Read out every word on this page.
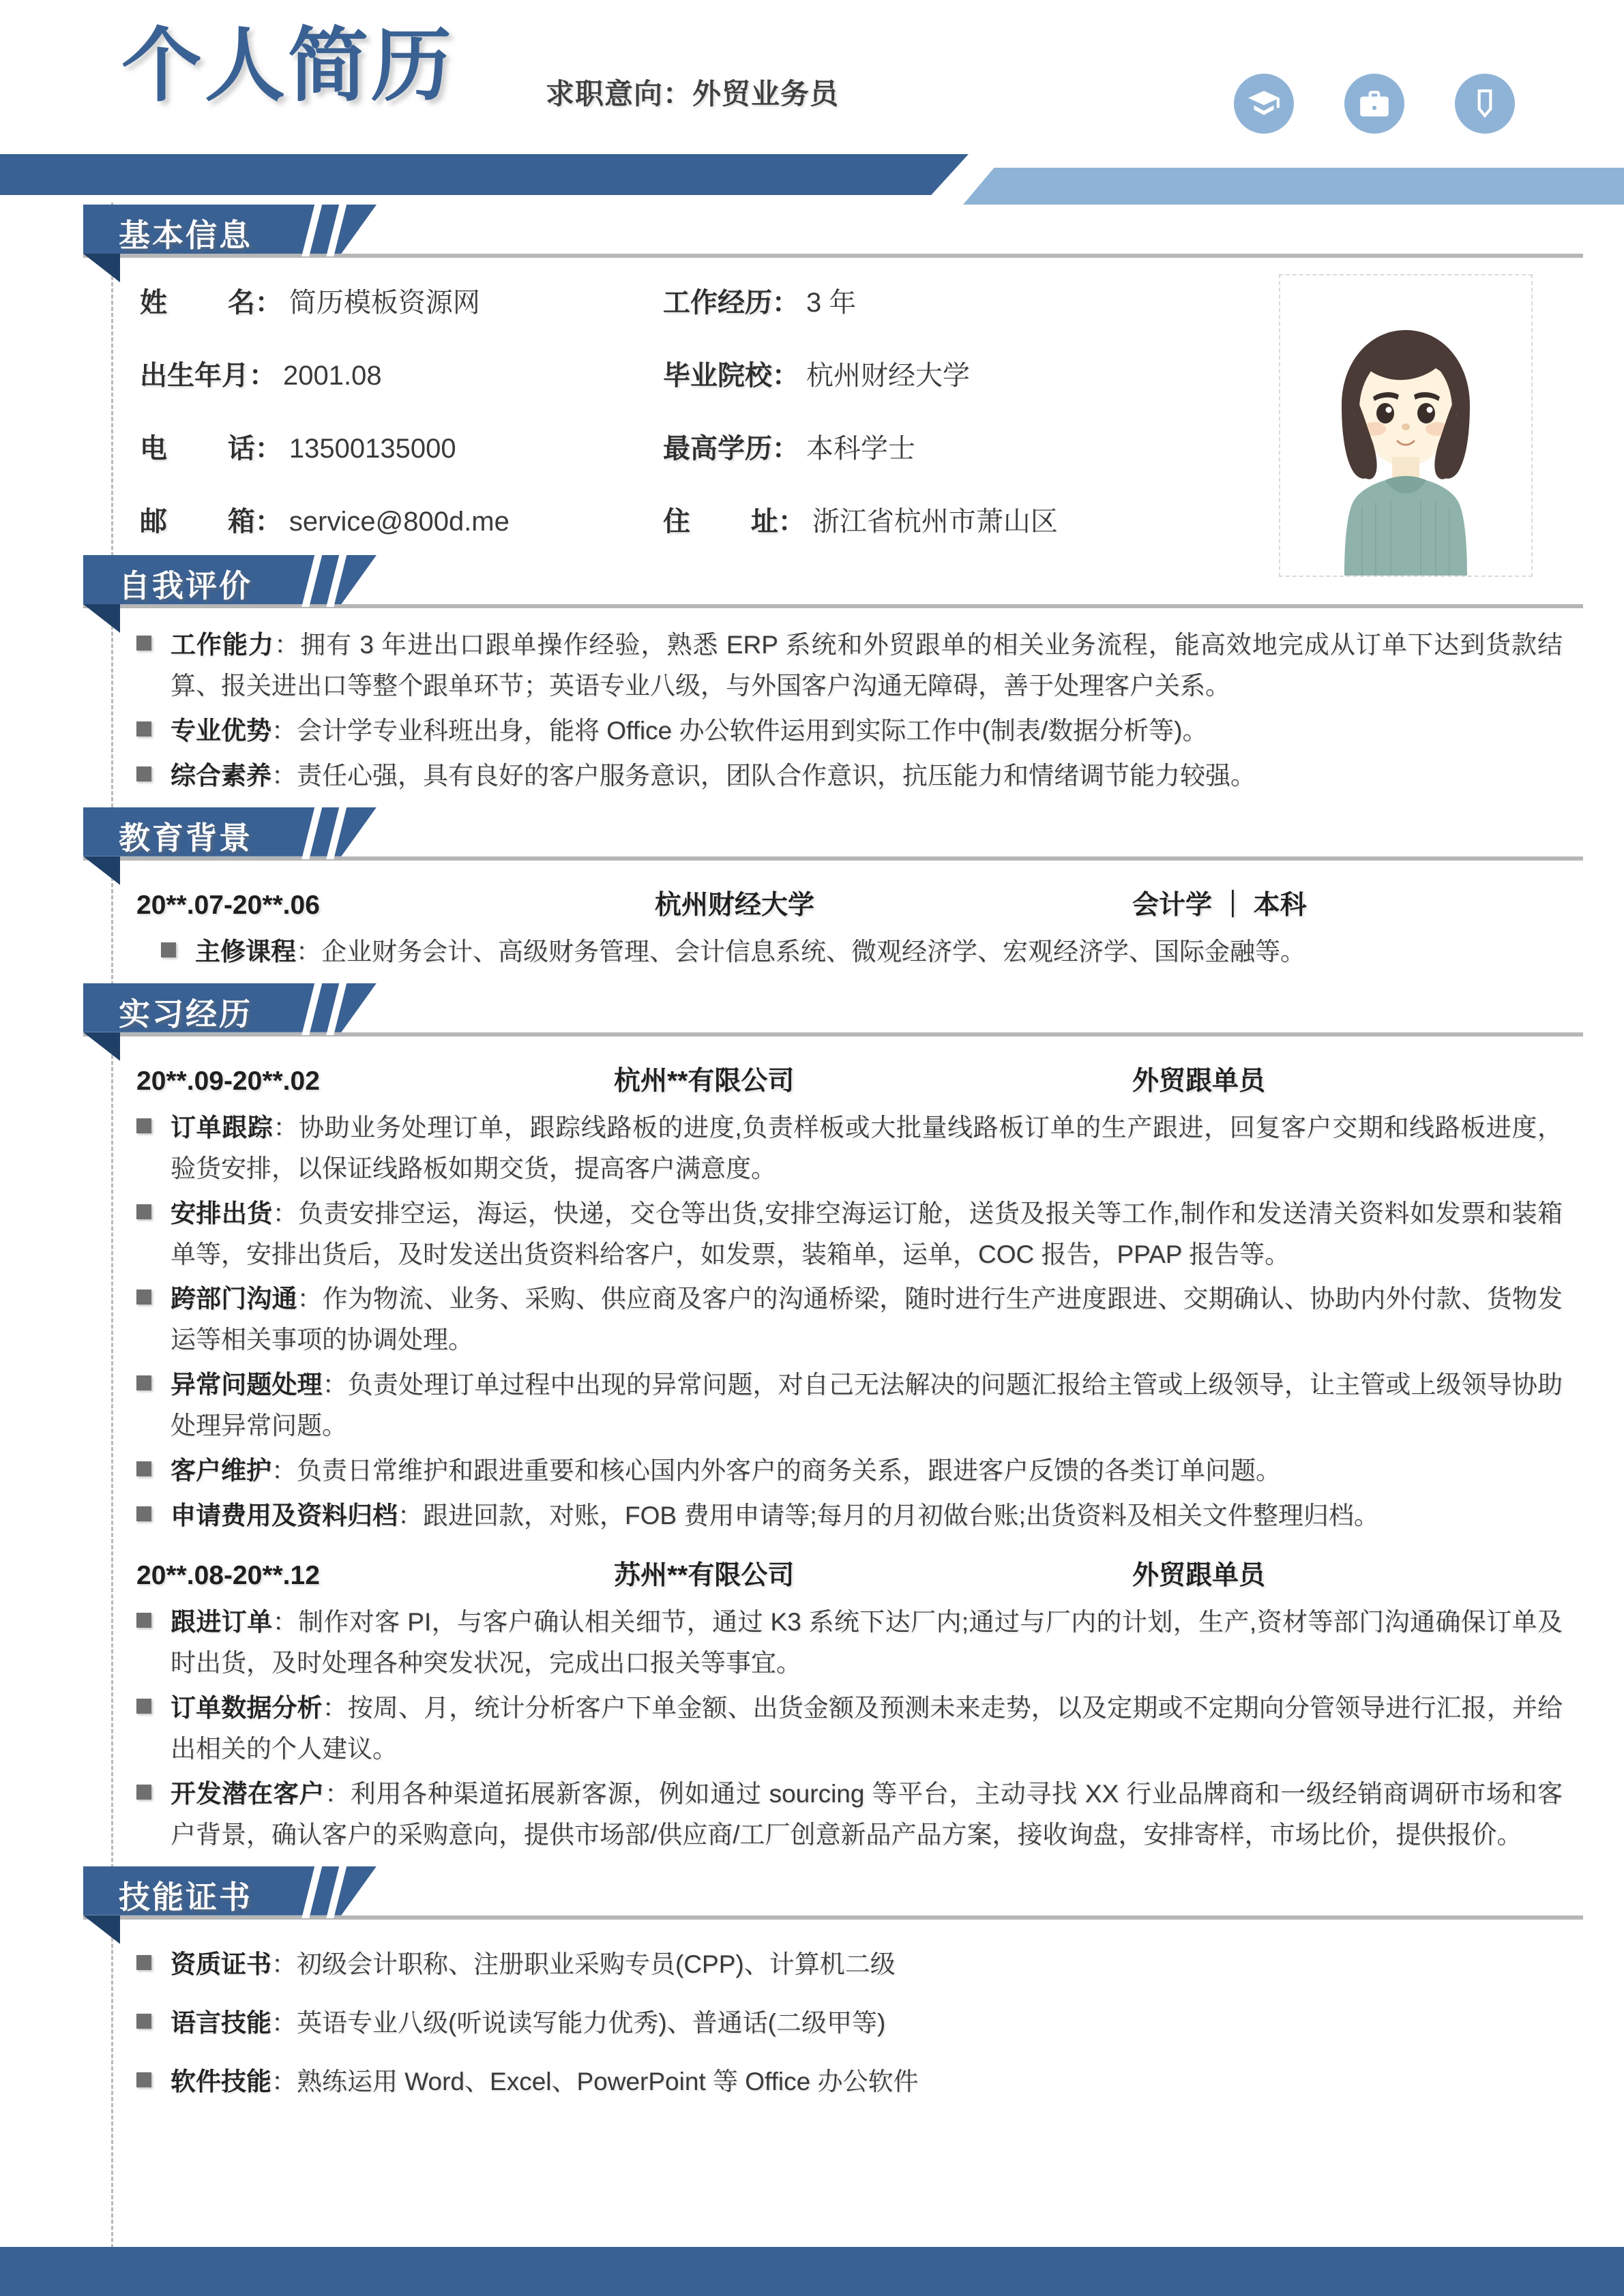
个人简历	求职意向：外贸业务员
基本信息
姓        名 ： 简历模板资源网
出生年月 ： 2001.08
电        话 ： 13500135000
邮        箱 ： service@800d.me
工作经历 ： 3 年
毕业院校 ： 杭州财经大学
最高学历 ： 本科学士
住        址 ： 浙江省杭州市萧山区
自我评价
工作能力：拥有 3 年进出口跟单操作经验，熟悉 ERP 系统和外贸跟单的相关业务流程，能高效地完成从订单下达到货款结算、报关进出口等整个跟单环节；英语专业八级，与外国客户沟通无障碍，善于处理客户关系。
专业优势：会计学专业科班出身，能将 Office 办公软件运用到实际工作中(制表/数据分析等)。
综合素养：责任心强，具有良好的客户服务意识，团队合作意识，抗压能力和情绪调节能力较强。
教育背景
20**.07-20**.06	杭州财经大学	会计学 ｜ 本科
主修课程：企业财务会计、高级财务管理、会计信息系统、微观经济学、宏观经济学、国际金融等。
实习经历
20**.09-20**.02	杭州**有限公司	外贸跟单员
订单跟踪：协助业务处理订单，跟踪线路板的进度,负责样板或大批量线路板订单的生产跟进，回复客户交期和线路板进度，验货安排，以保证线路板如期交货，提高客户满意度。
安排出货：负责安排空运，海运，快递，交仓等出货,安排空海运订舱，送货及报关等工作,制作和发送清关资料如发票和装箱单等，安排出货后，及时发送出货资料给客户，如发票，装箱单，运单，COC 报告，PPAP 报告等。
跨部门沟通：作为物流、业务、采购、供应商及客户的沟通桥梁，随时进行生产进度跟进、交期确认、协助内外付款、货物发运等相关事项的协调处理。
异常问题处理：负责处理订单过程中出现的异常问题，对自己无法解决的问题汇报给主管或上级领导，让主管或上级领导协助处理异常问题。
客户维护：负责日常维护和跟进重要和核心国内外客户的商务关系，跟进客户反馈的各类订单问题。
申请费用及资料归档：跟进回款，对账，FOB 费用申请等;每月的月初做台账;出货资料及相关文件整理归档。
20**.08-20**.12	苏州**有限公司	外贸跟单员
跟进订单：制作对客 PI，与客户确认相关细节，通过 K3 系统下达厂内;通过与厂内的计划，生产,资材等部门沟通确保订单及时出货，及时处理各种突发状况，完成出口报关等事宜。
订单数据分析：按周、月，统计分析客户下单金额、出货金额及预测未来走势，以及定期或不定期向分管领导进行汇报，并给出相关的个人建议。
开发潜在客户：利用各种渠道拓展新客源，例如通过 sourcing 等平台，主动寻找 XX 行业品牌商和一级经销商调研市场和客户背景，确认客户的采购意向，提供市场部/供应商/工厂创意新品产品方案，接收询盘，安排寄样，市场比价，提供报价。
技能证书
资质证书：初级会计职称、注册职业采购专员(CPP)、计算机二级
语言技能：英语专业八级(听说读写能力优秀)、普通话(二级甲等)
软件技能：熟练运用 Word、Excel、PowerPoint 等 Office 办公软件
